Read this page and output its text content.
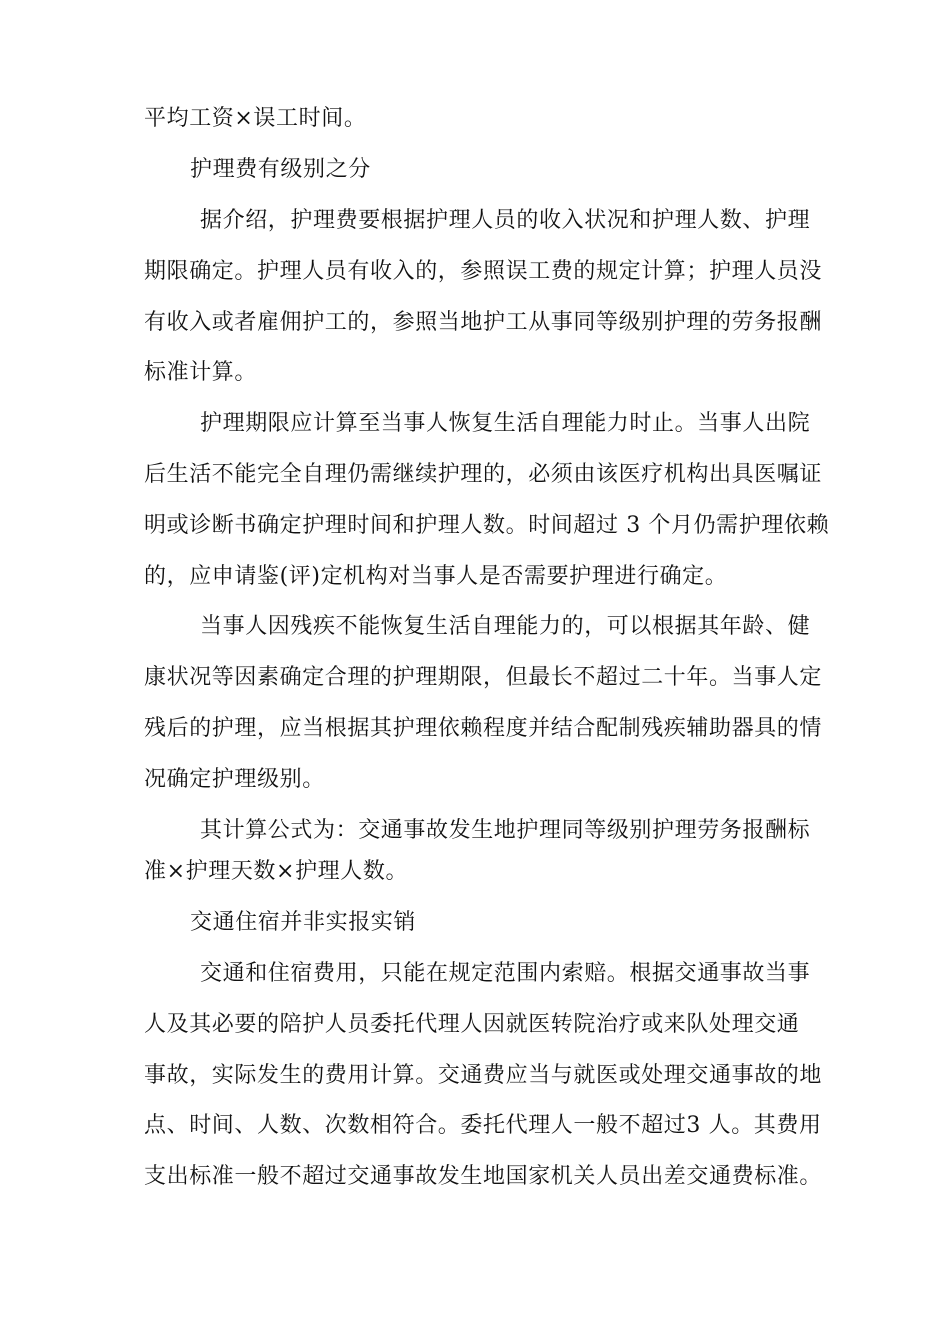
平均工资×误工时间。
护理费有级别之分
据介绍，护理费要根据护理人员的收入状况和护理人数、护理
期限确定。护理人员有收入的，参照误工费的规定计算；护理人员没
有收入或者雇佣护工的，参照当地护工从事同等级别护理的劳务报酬
标准计算。
护理期限应计算至当事人恢复生活自理能力时止。当事人出院
后生活不能完全自理仍需继续护理的，必须由该医疗机构出具医嘱证
明或诊断书确定护理时间和护理人数。时间超过 3 个月仍需护理依赖
的，应申请鉴(评)定机构对当事人是否需要护理进行确定。
当事人因残疾不能恢复生活自理能力的，可以根据其年龄、健
康状况等因素确定合理的护理期限，但最长不超过二十年。当事人定
残后的护理，应当根据其护理依赖程度并结合配制残疾辅助器具的情
况确定护理级别。
其计算公式为：交通事故发生地护理同等级别护理劳务报酬标
准×护理天数×护理人数。
交通住宿并非实报实销
交通和住宿费用，只能在规定范围内索赔。根据交通事故当事
人及其必要的陪护人员委托代理人因就医转院治疗或来队处理交通
事故，实际发生的费用计算。交通费应当与就医或处理交通事故的地
点、时间、人数、次数相符合。委托代理人一般不超过3 人。其费用
支出标准一般不超过交通事故发生地国家机关人员出差交通费标准。
